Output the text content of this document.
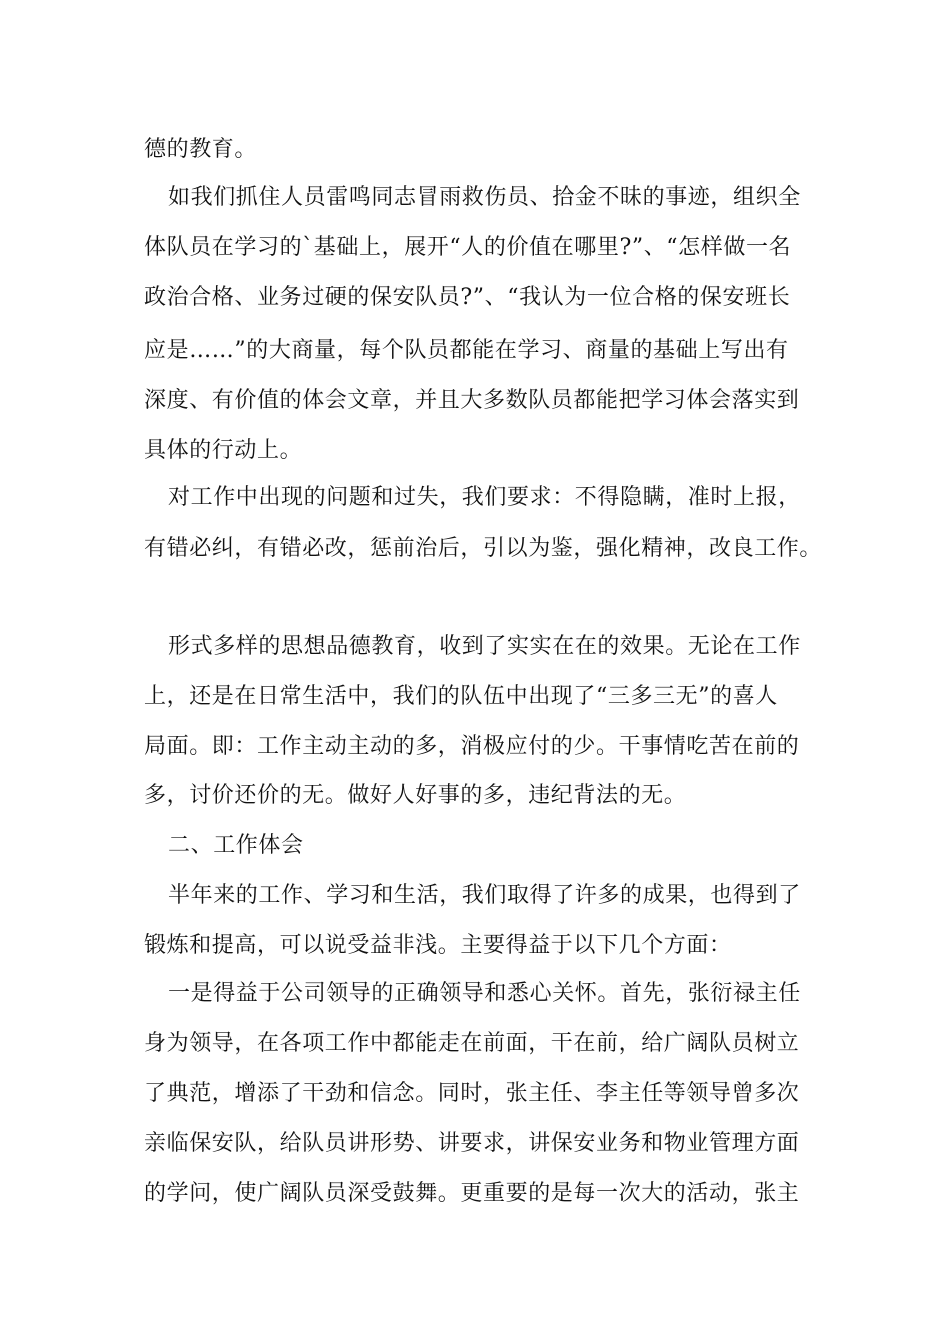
德的教育。
如我们抓住人员雷鸣同志冒雨救伤员、拾金不昧的事迹，组织全
体队员在学习的`基础上，展开“人的价值在哪里?”、“怎样做一名
政治合格、业务过硬的保安队员?”、“我认为一位合格的保安班长
应是……”的大商量，每个队员都能在学习、商量的基础上写出有
深度、有价值的体会文章，并且大多数队员都能把学习体会落实到
具体的行动上。
对工作中出现的问题和过失，我们要求：不得隐瞒，准时上报，
有错必纠，有错必改，惩前治后，引以为鉴，强化精神，改良工作。
形式多样的思想品德教育，收到了实实在在的效果。无论在工作
上，还是在日常生活中，我们的队伍中出现了“三多三无”的喜人
局面。即：工作主动主动的多，消极应付的少。干事情吃苦在前的
多，讨价还价的无。做好人好事的多，违纪背法的无。
二、工作体会
半年来的工作、学习和生活，我们取得了许多的成果，也得到了
锻炼和提高，可以说受益非浅。主要得益于以下几个方面：
一是得益于公司领导的正确领导和悉心关怀。首先，张衍禄主任
身为领导，在各项工作中都能走在前面，干在前，给广阔队员树立
了典范，增添了干劲和信念。同时，张主任、李主任等领导曾多次
亲临保安队，给队员讲形势、讲要求，讲保安业务和物业管理方面
的学问，使广阔队员深受鼓舞。更重要的是每一次大的活动，张主
